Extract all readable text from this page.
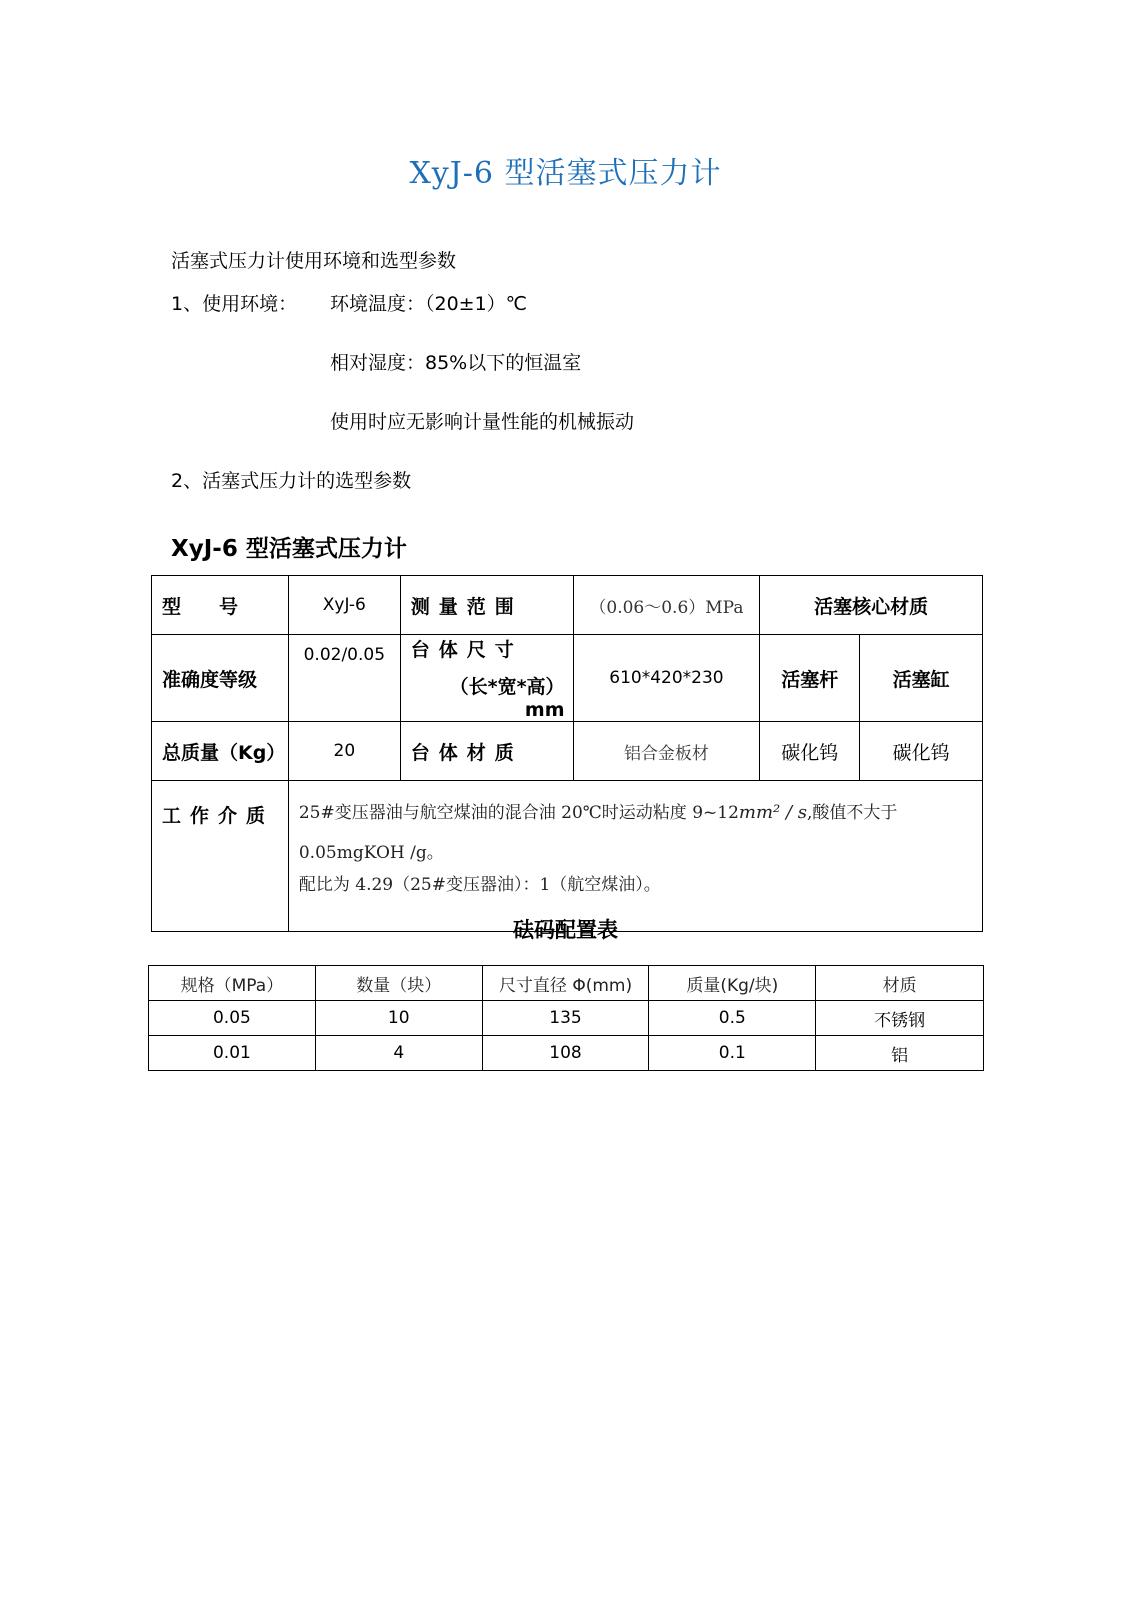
XyJ-6 型活塞式压力计
活塞式压力计使用环境和选型参数
1、使用环境： 环境温度：（20±1）℃
相对湿度：85%以下的恒温室
使用时应无影响计量性能的机械振动
2、活塞式压力计的选型参数
XyJ-6 型活塞式压力计
型　　号	XyJ-6	测量范围	（0.06～0.6）MPa	活塞核心材质	
准确度等级	0.02/0.05	台体尺寸
（长*宽*高）mm	610*420*230	活塞杆	活塞缸
总质量（Kg）	20	台体材质	铝合金板材	碳化钨	碳化钨
工作介质	25#变压器油与航空煤油的混合油 20℃时运动粘度 9~12mm² / s,酸值不大于
0.05mgKOH /g。
配比为 4.29（25#变压器油）：1（航空煤油）。				
砝码配置表
规格（MPa）	数量（块）	尺寸直径 Φ(mm)	质量(Kg/块)	材质
0.05	10	135	0.5	不锈钢
0.01	4	108	0.1	铝
